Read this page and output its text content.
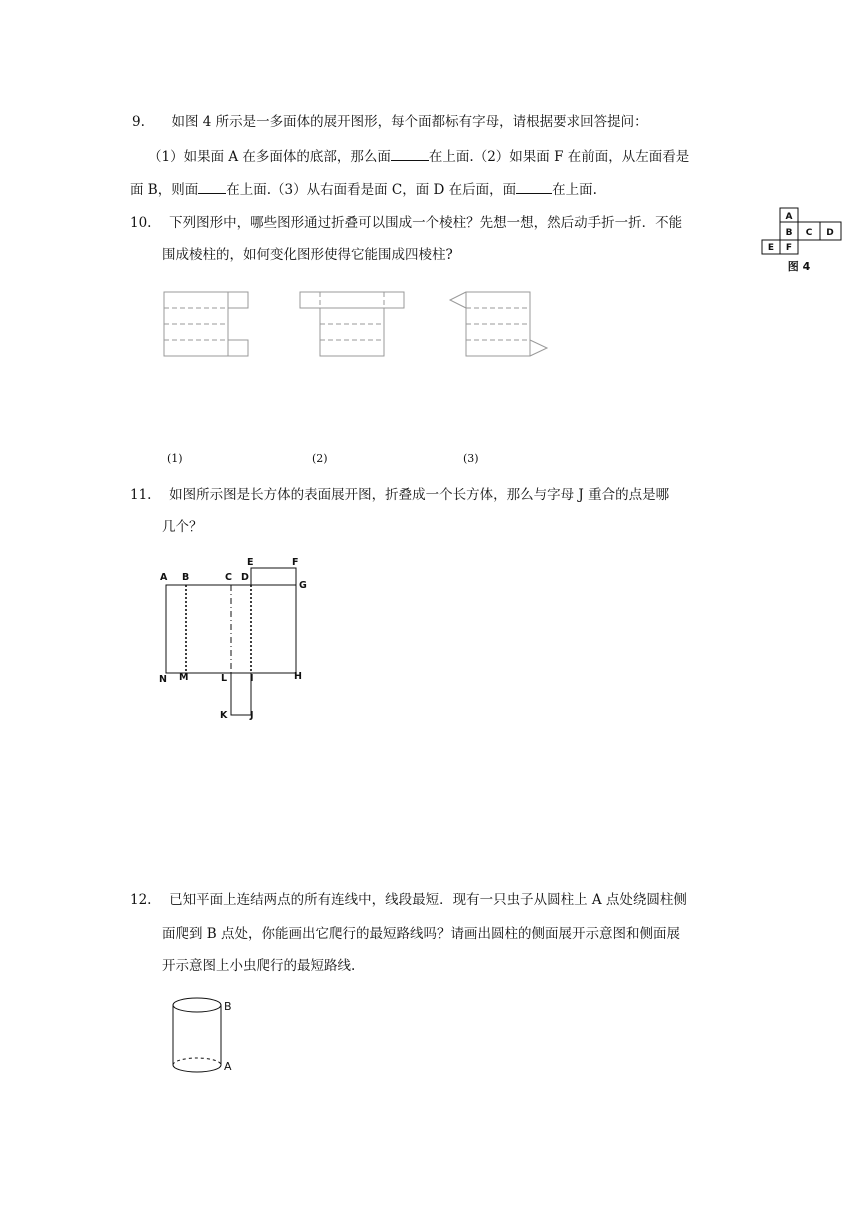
9. 如图 4 所示是一多面体的展开图形，每个面都标有字母，请根据要求回答提问：
（1）如果面 A 在多面体的底部，那么面	在上面.（2）如果面 F 在前面，从左面看是
面 B，则面 在上面.（3）从右面看是面 C，面 D 在后面，面	在上面.
A
B C D
E F
图 4
10. 下列图形中，哪些图形通过折叠可以围成一个棱柱？先想一想，然后动手折一折．不能
围成棱柱的，如何变化图形使得它能围成四棱柱?
(1)	(2)	(3)
11. 如图所示图是长方体的表面展开图，折叠成一个长方体，那么与字母 J 重合的点是哪
几个？
A B	C D
E	F
G
H
I
L
M
N
K J
12. 已知平面上连结两点的所有连线中，线段最短．现有一只虫子从圆柱上 A 点处绕圆柱侧
面爬到 B 点处，你能画出它爬行的最短路线吗？请画出圆柱的侧面展开示意图和侧面展
开示意图上小虫爬行的最短路线.
B
A
